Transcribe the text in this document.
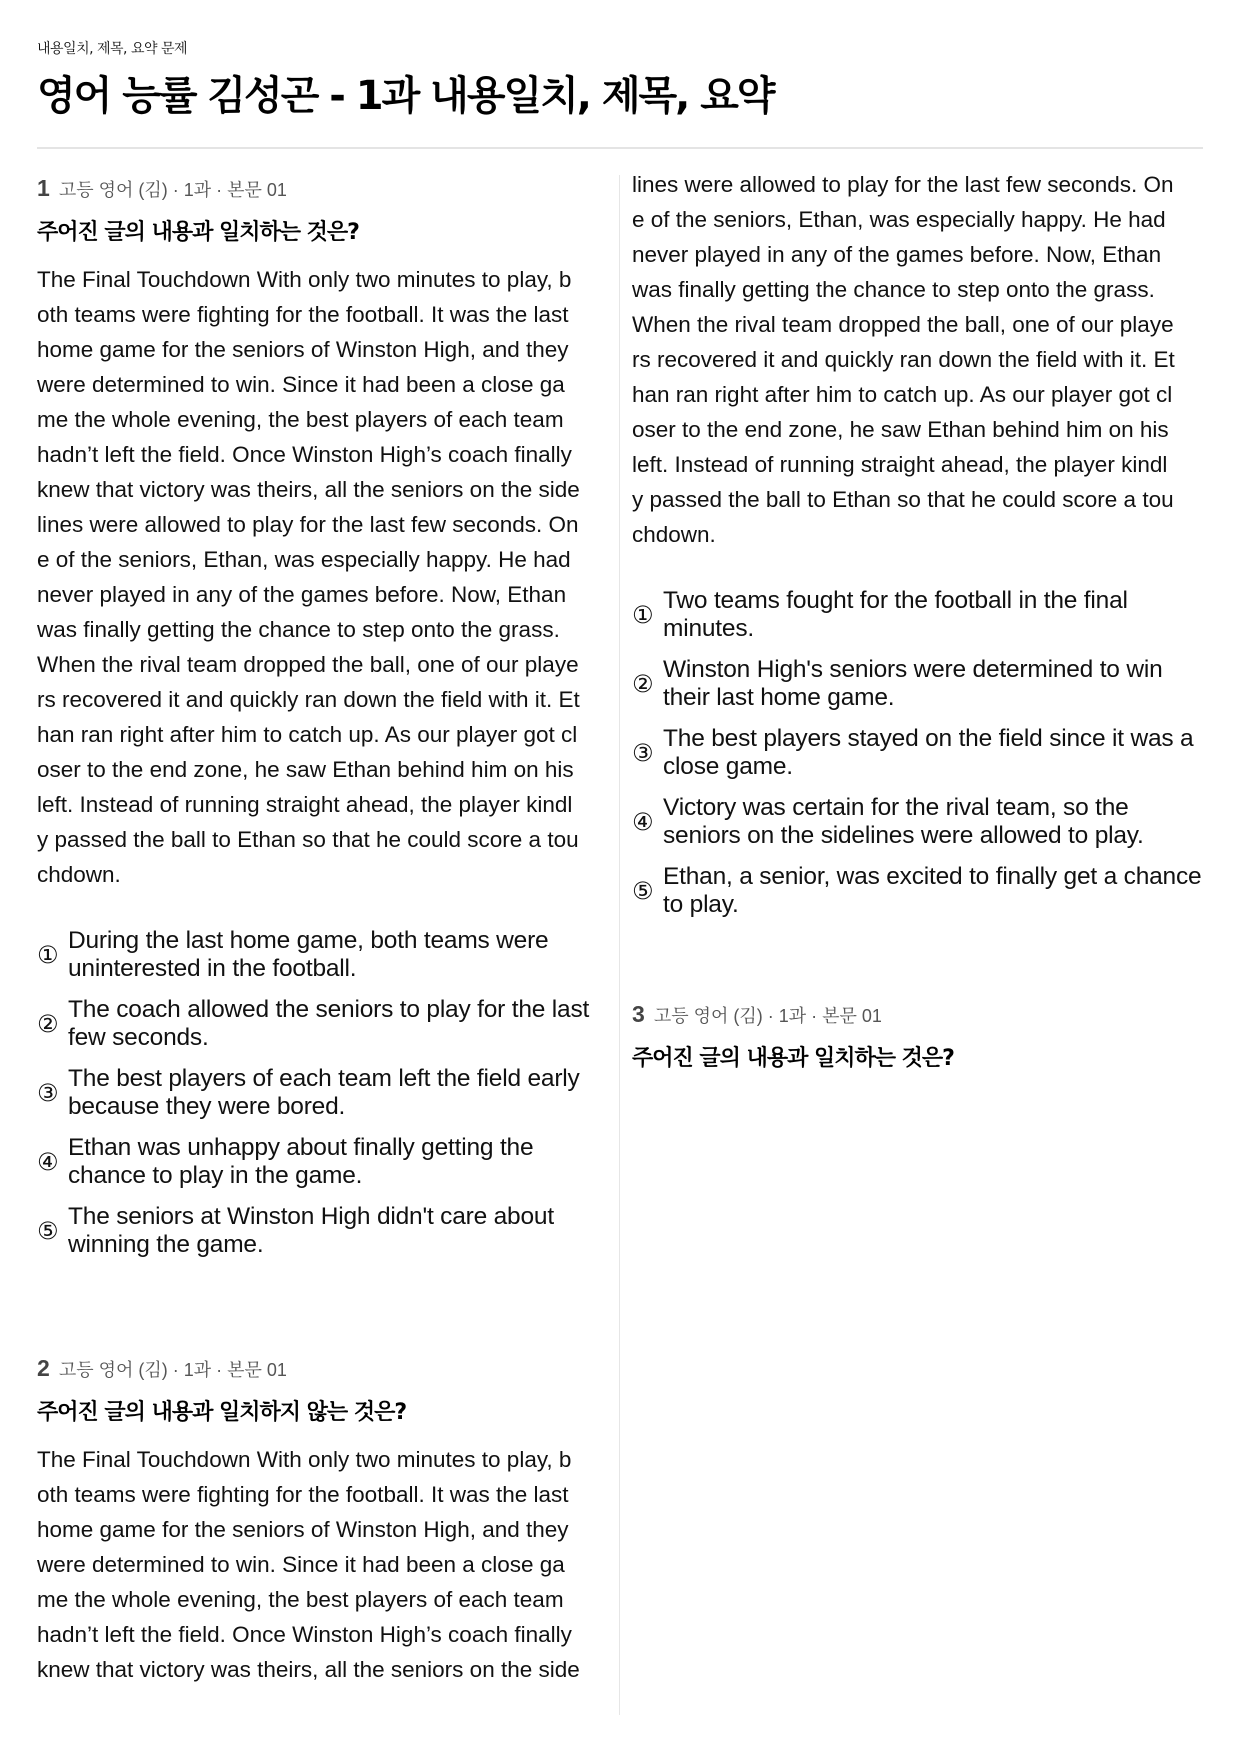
내용일치, 제목, 요약 문제
영어 능률 김성곤 - 1과 내용일치, 제목, 요약
1 고등 영어 (김) · 1과 · 본문 01
주어진 글의 내용과 일치하는 것은?
The Final Touchdown With only two minutes to play, b
oth teams were fighting for the football. It was the last
home game for the seniors of Winston High, and they
were determined to win. Since it had been a close ga
me the whole evening, the best players of each team
hadn’t left the field. Once Winston High’s coach finally
knew that victory was theirs, all the seniors on the side
lines were allowed to play for the last few seconds. On
e of the seniors, Ethan, was especially happy. He had
never played in any of the games before. Now, Ethan
was finally getting the chance to step onto the grass.
When the rival team dropped the ball, one of our playe
rs recovered it and quickly ran down the field with it. Et
han ran right after him to catch up. As our player got cl
oser to the end zone, he saw Ethan behind him on his
left. Instead of running straight ahead, the player kindl
y passed the ball to Ethan so that he could score a tou
chdown.
①
During the last home game, both teams were uninterested in the football.
②
The coach allowed the seniors to play for the last few seconds.
③
The best players of each team left the field early because they were bored.
④
Ethan was unhappy about finally getting the chance to play in the game.
⑤
The seniors at Winston High didn't care about winning the game.
2 고등 영어 (김) · 1과 · 본문 01
주어진 글의 내용과 일치하지 않는 것은?
The Final Touchdown With only two minutes to play, b
oth teams were fighting for the football. It was the last
home game for the seniors of Winston High, and they
were determined to win. Since it had been a close ga
me the whole evening, the best players of each team
hadn’t left the field. Once Winston High’s coach finally
knew that victory was theirs, all the seniors on the side
lines were allowed to play for the last few seconds. On
e of the seniors, Ethan, was especially happy. He had
never played in any of the games before. Now, Ethan
was finally getting the chance to step onto the grass.
When the rival team dropped the ball, one of our playe
rs recovered it and quickly ran down the field with it. Et
han ran right after him to catch up. As our player got cl
oser to the end zone, he saw Ethan behind him on his
left. Instead of running straight ahead, the player kindl
y passed the ball to Ethan so that he could score a tou
chdown.
①
Two teams fought for the football in the final minutes.
②
Winston High's seniors were determined to win their last home game.
③
The best players stayed on the field since it was a close game.
④
Victory was certain for the rival team, so the seniors on the sidelines were allowed to play.
⑤
Ethan, a senior, was excited to finally get a chance to play.
3 고등 영어 (김) · 1과 · 본문 01
주어진 글의 내용과 일치하는 것은?
